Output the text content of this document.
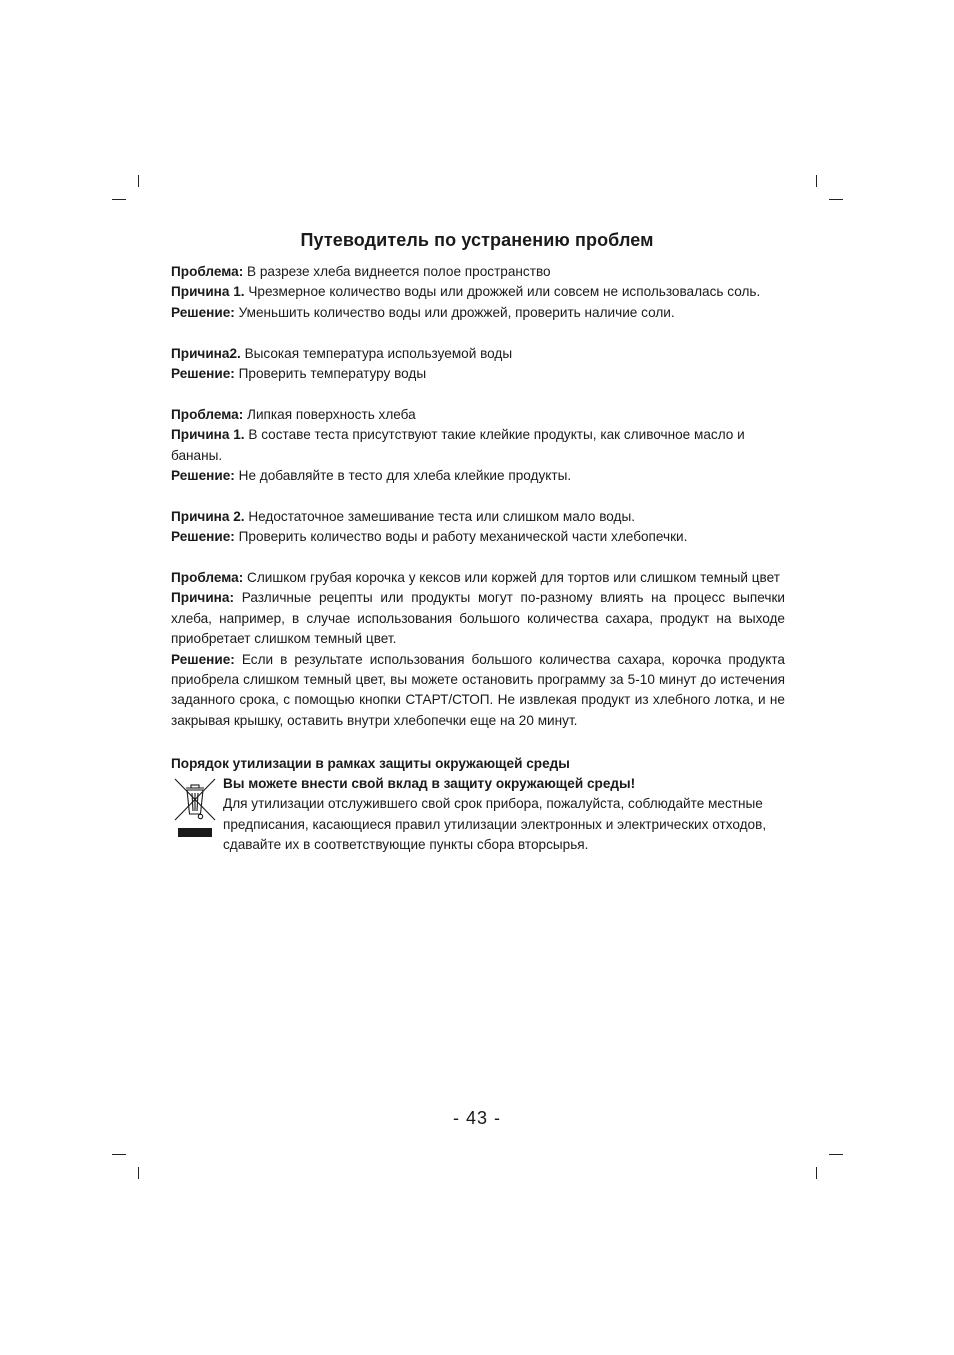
Путеводитель по устранению проблем

Проблема: В разрезе хлеба виднеется полое пространство

Причина 1. Чрезмерное количество воды или дрожжей или совсем не использовалась соль.

Решение: Уменьшить количество воды или дрожжей, проверить наличие соли.

Причина2. Высокая температура используемой воды

Решение: Проверить температуру воды

Проблема: Липкая поверхность хлеба

Причина 1. В составе теста присутствуют такие клейкие продукты, как сливочное масло и бананы.

Решение: Не добавляйте в тесто для хлеба клейкие продукты.

Причина 2. Недостаточное замешивание теста или слишком мало воды.

Решение: Проверить количество воды и работу механической части хлебопечки.

Проблема: Слишком грубая корочка у кексов или коржей для тортов или слишком темный цвет

Причина: Различные рецепты или продукты могут по-разному влиять на процесс выпечки хлеба, например, в случае использования большого количества сахара, продукт на выходе приобретает слишком темный цвет.

Решение: Если в результате использования большого количества сахара, корочка продукта приобрела слишком темный цвет, вы можете остановить программу за 5-10 минут до истечения заданного срока, с помощью кнопки СТАРТ/СТОП. Не извлекая продукт из хлебного лотка, и не закрывая крышку, оставить внутри хлебопечки еще на 20 минут.

Порядок утилизации в рамках защиты окружающей среды

Вы можете внести свой вклад в защиту окружающей среды!

Для утилизации отслужившего свой срок прибора, пожалуйста, соблюдайте местные предписания, касающиеся правил утилизации электронных и электрических отходов, сдавайте их в соответствующие пункты сбора вторсырья.

- 43 -
